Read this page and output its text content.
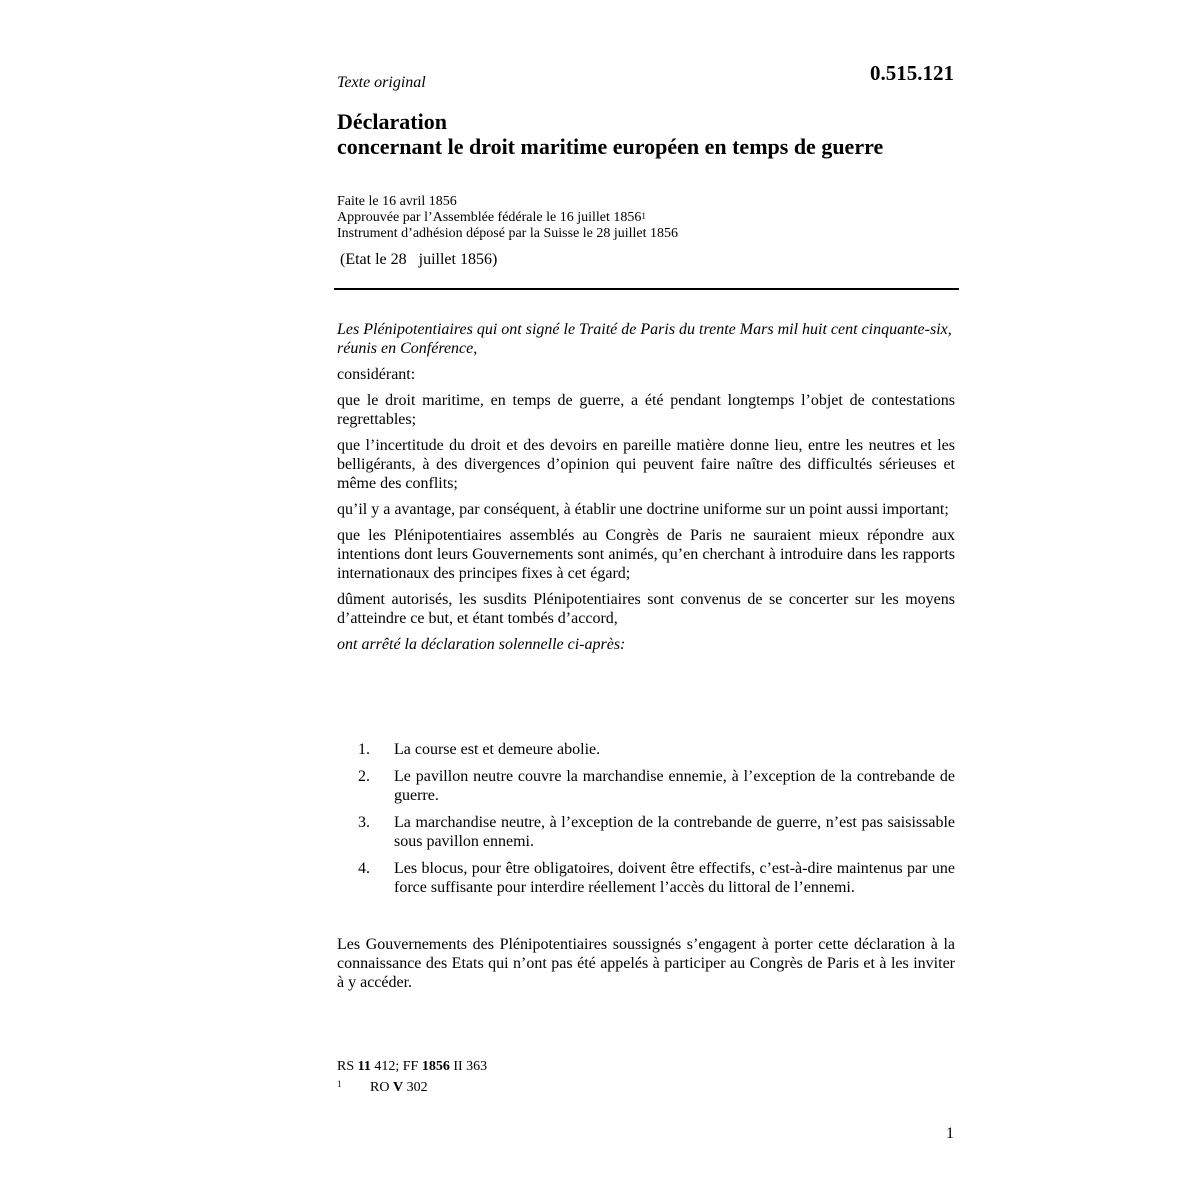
Texte original	0.515.121
Déclaration
concernant le droit maritime européen en temps de guerre
Faite le 16 avril 1856
Approuvée par l’Assemblée fédérale le 16 juillet 1856$^1$
Instrument d’adhésion déposé par la Suisse le 28 juillet 1856
(Etat le 28 juillet 1856)

Les Plénipotentiaires qui ont signé le Traité de Paris du trente Mars mil huit cent cinquante-six, réunis en Conférence,

considérant:

que le droit maritime, en temps de guerre, a été pendant longtemps l’objet de contestations regrettables;

que l’incertitude du droit et des devoirs en pareille matière donne lieu, entre les neutres et les belligérants, à des divergences d’opinion qui peuvent faire naître des difficultés sérieuses et même des conflits;

qu’il y a avantage, par conséquent, à établir une doctrine uniforme sur un point aussi important;

que les Plénipotentiaires assemblés au Congrès de Paris ne sauraient mieux répondre aux intentions dont leurs Gouvernements sont animés, qu’en cherchant à introduire dans les rapports internationaux des principes fixes à cet égard;

dûment autorisés, les susdits Plénipotentiaires sont convenus de se concerter sur les moyens d’atteindre ce but, et étant tombés d’accord,

ont arrêté la déclaration solennelle ci-après:

1. La course est et demeure abolie.
2. Le pavillon neutre couvre la marchandise ennemie, à l’exception de la contrebande de guerre.
3. La marchandise neutre, à l’exception de la contrebande de guerre, n’est pas saisissable sous pavillon ennemi.
4. Les blocus, pour être obligatoires, doivent être effectifs, c’est-à-dire maintenus par une force suffisante pour interdire réellement l’accès du littoral de l’ennemi.
Les Gouvernements des Plénipotentiaires soussignés s’engagent à porter cette déclaration à la connaissance des Etats qui n’ont pas été appelés à participer au Congrès de Paris et à les inviter à y accéder.
RS 11 412; FF 1856 II 363
1 RO V 302
1
